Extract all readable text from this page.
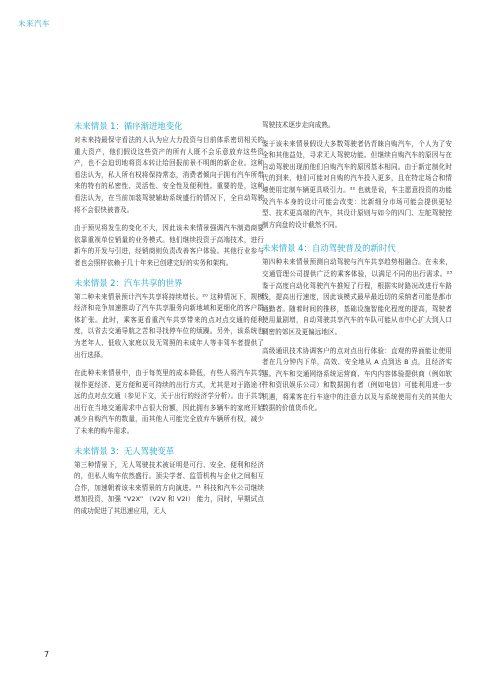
未来汽车
未来情景 1：循序渐进地变化

对未来持最保守看法的人认为应大力投资与目前体系密切相关的重大资产，他们假设这些资产的所有人既不会乐意放弃这些资产，也不会迫切地将资本转让给回报前景不明朗的新企业。这种看法认为，私人所有权将保持常态，消费者倾向于拥有汽车所带来的特有的私密性、灵活性、安全性及便利性。重要的是，这种看法认为，在当前加装驾驶辅助系统盛行的情况下，全自动驾驶将不会很快被普及。

由于预见将发生的变化不大，因此该未来情景强调汽车制造商要依靠重视单位销量的业务模式。他们继续投资于高端技术，进行新车的开发与引进，经销商则负责改善客户体验。其他行业参与者也会照样依赖于几十年来已创建完好的实务和架构。

未来情景 2：汽车共享的世界

第二种未来情景预计汽车共享将持续增长。²⁰ 这种情况下，规模经济和竞争加速推动了汽车共享服务向新地域和更细化的客户群体扩张。此时，乘客更看重汽车共享带来的点对点交通的便利度，以省去交通导航之苦和寻找停车位的烦躁。另外，该系统也为老年人、低收入家庭以及无驾照的未成年人等非驾车者提供了出行选择。

在此种未来情景中，由于每英里的成本降低，有些人将汽车共享视作更经济、更方便和更可持续的出行方式，尤其是对于路途不远的点对点交通（参见下文，关于出行的经济学分析）。由于共享出行在当地交通需求中占很大份额，因此拥有多辆车的家庭开始减少自购汽车的数量，而其他人可能完全放弃车辆所有权，减少了未来的购车需求。

未来情景 3：无人驾驶变革

第三种情景下，无人驾驶技术被证明是可行、安全、便利和经济的，但私人购车依然盛行。顶尖学者、监管机构与企业之间相互合作，加速朝着该未来情景的方向演进。²¹ 科技和汽车公司继续增加投资，加强 “V2X” （V2V 和 V2I） 能力，同时，早期试点的成功促进了其迅速应用，无人

驾驶技术逐步走向成熟。

鉴于该未来情景假设大多数驾驶者仍青睐自购汽车，个人为了安全和其他益处，寻求无人驾驶功能。但继续自购汽车的原因与在自动驾驶出现前他们自购汽车的原因基本相同。由于新定制化时代的到来，他们可能对自购的汽车投入更多，且在特定场合和情境使用定制车辆更具吸引力。²² 也就是说，车主愿意投资的功能及汽车本身的设计可能会改变：比新细分市场可能会提供更轻型、技术更高端的汽车，其设计原则与如今的四门、左舵驾驶控制方向盘的设计截然不同。

未来情景 4：自动驾驶普及的新时代

第四种未来情景预测自动驾驶与汽车共享趋势相融合。在未来，交通管理公司提供广泛的乘客体验，以满足不同的出行需求。²³ 鉴于高度自动化驾驶汽车推短了行程，根据实时路况改进行车路线，提高出行速度，因此该模式最早最近切的采纳者可能是都市通勤者。随着时间的推移，基础设施智能化程度的提高，驾驶者使用量剧增，自动驾驶共享汽车的车队可能从市中心扩大到人口稠密的郊区及更偏远地区。

高级通讯技术协调客户的点对点出行体验：直观的界面能让使用者在几分钟内下单，高效、安全地从 A 点到达 B 点，且经济实惠。汽车和交通网络系统运营商、车内内容体验提供商（例如软件和资讯娱乐公司）和数据拥有者（例如电信）可能利用进一步机遇，将乘客在行车途中的注意力以及与系统使用有关的其他大数据的价值货币化。

7
